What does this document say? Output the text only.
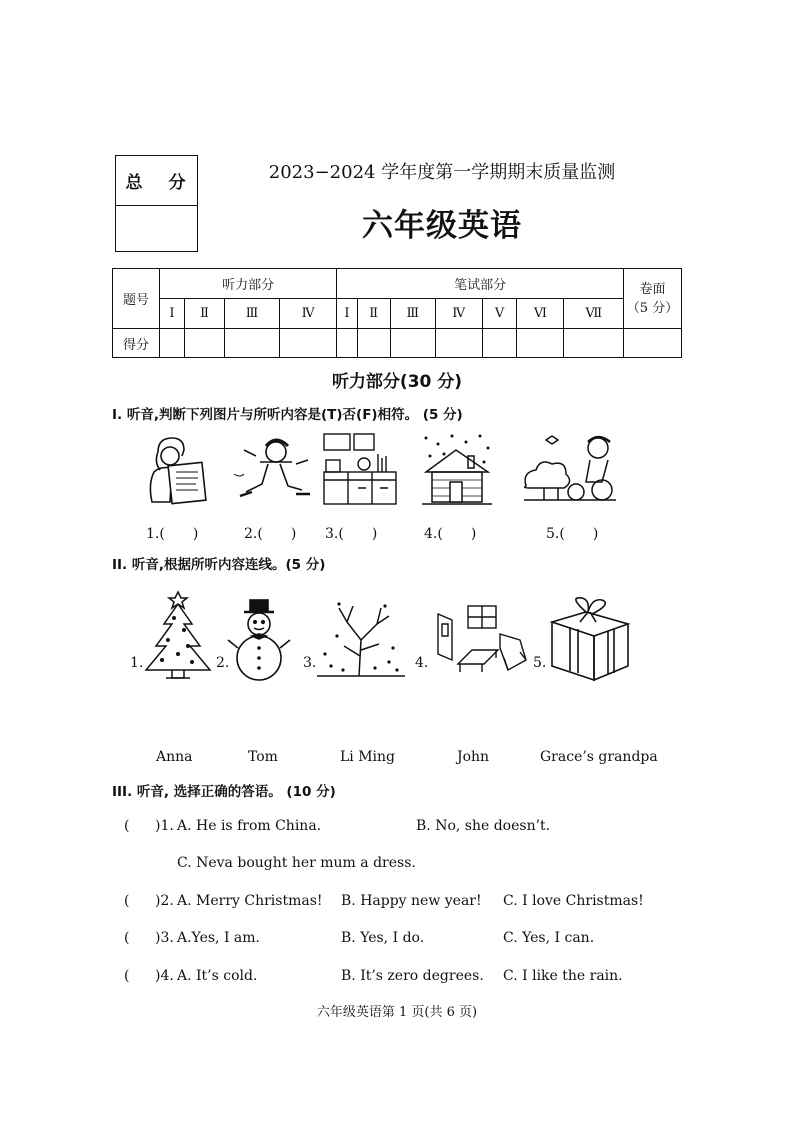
总 分	2023−2024 学年度第一学期期末质量监测
六年级英语
题号	听力部分				笔试部分							卷面
（5 分）
	Ⅰ	Ⅱ	Ⅲ	Ⅳ	Ⅰ	Ⅱ	Ⅲ	Ⅳ	Ⅴ	Ⅵ	Ⅶ	
得分												
听力部分(30 分)
I. 听音,判断下列图片与所听内容是(T)否(F)相符。 (5 分)
1.(　　)	2.(　　) 3.(　　)	4.(　　)	5.(　　)
II. 听音,根据所听内容连线。(5 分)
1.	2.	3.	4.	5.
Anna	Tom	Li Ming	John	Grace’s grandpa
III. 听音, 选择正确的答语。 (10 分)
( )1. A. He is from China.	B. No, she doesn’t.
C. Neva bought her mum a dress.
( )2. A. Merry Christmas! B. Happy new year! C. I love Christmas!
( )3. A.Yes, I am.	B. Yes, I do.	C. Yes, I can.
( )4. A. It’s cold.	B. It’s zero degrees. C. I like the rain.
六年级英语第 1 页(共 6 页)
